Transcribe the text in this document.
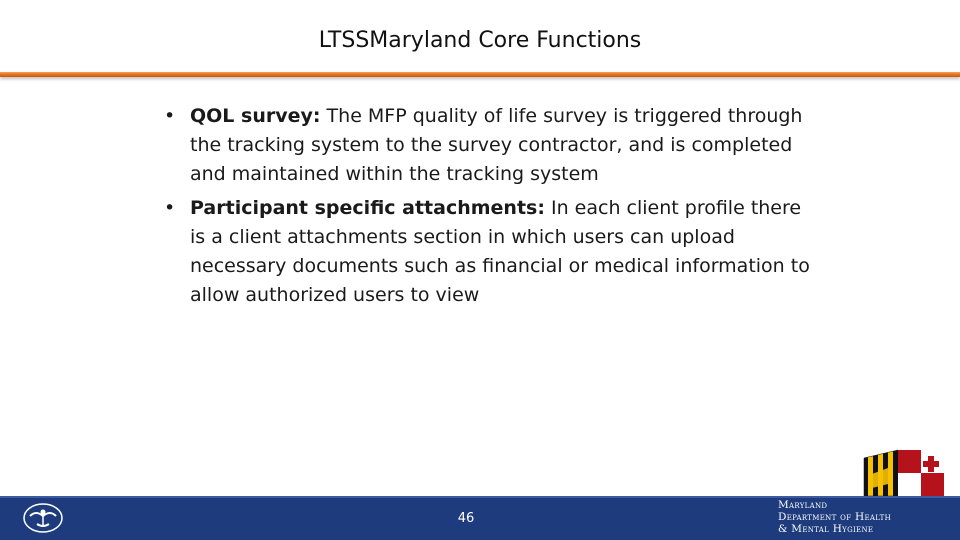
LTSSMaryland Core Functions
• QOL survey: The MFP quality of life survey is triggered through the tracking system to the survey contractor, and is completed and maintained within the tracking system
• Participant specific attachments: In each client profile there is a client attachments section in which users can upload necessary documents such as financial or medical information to allow authorized users to view
46
Maryland
Department of Health
& Mental Hygiene
